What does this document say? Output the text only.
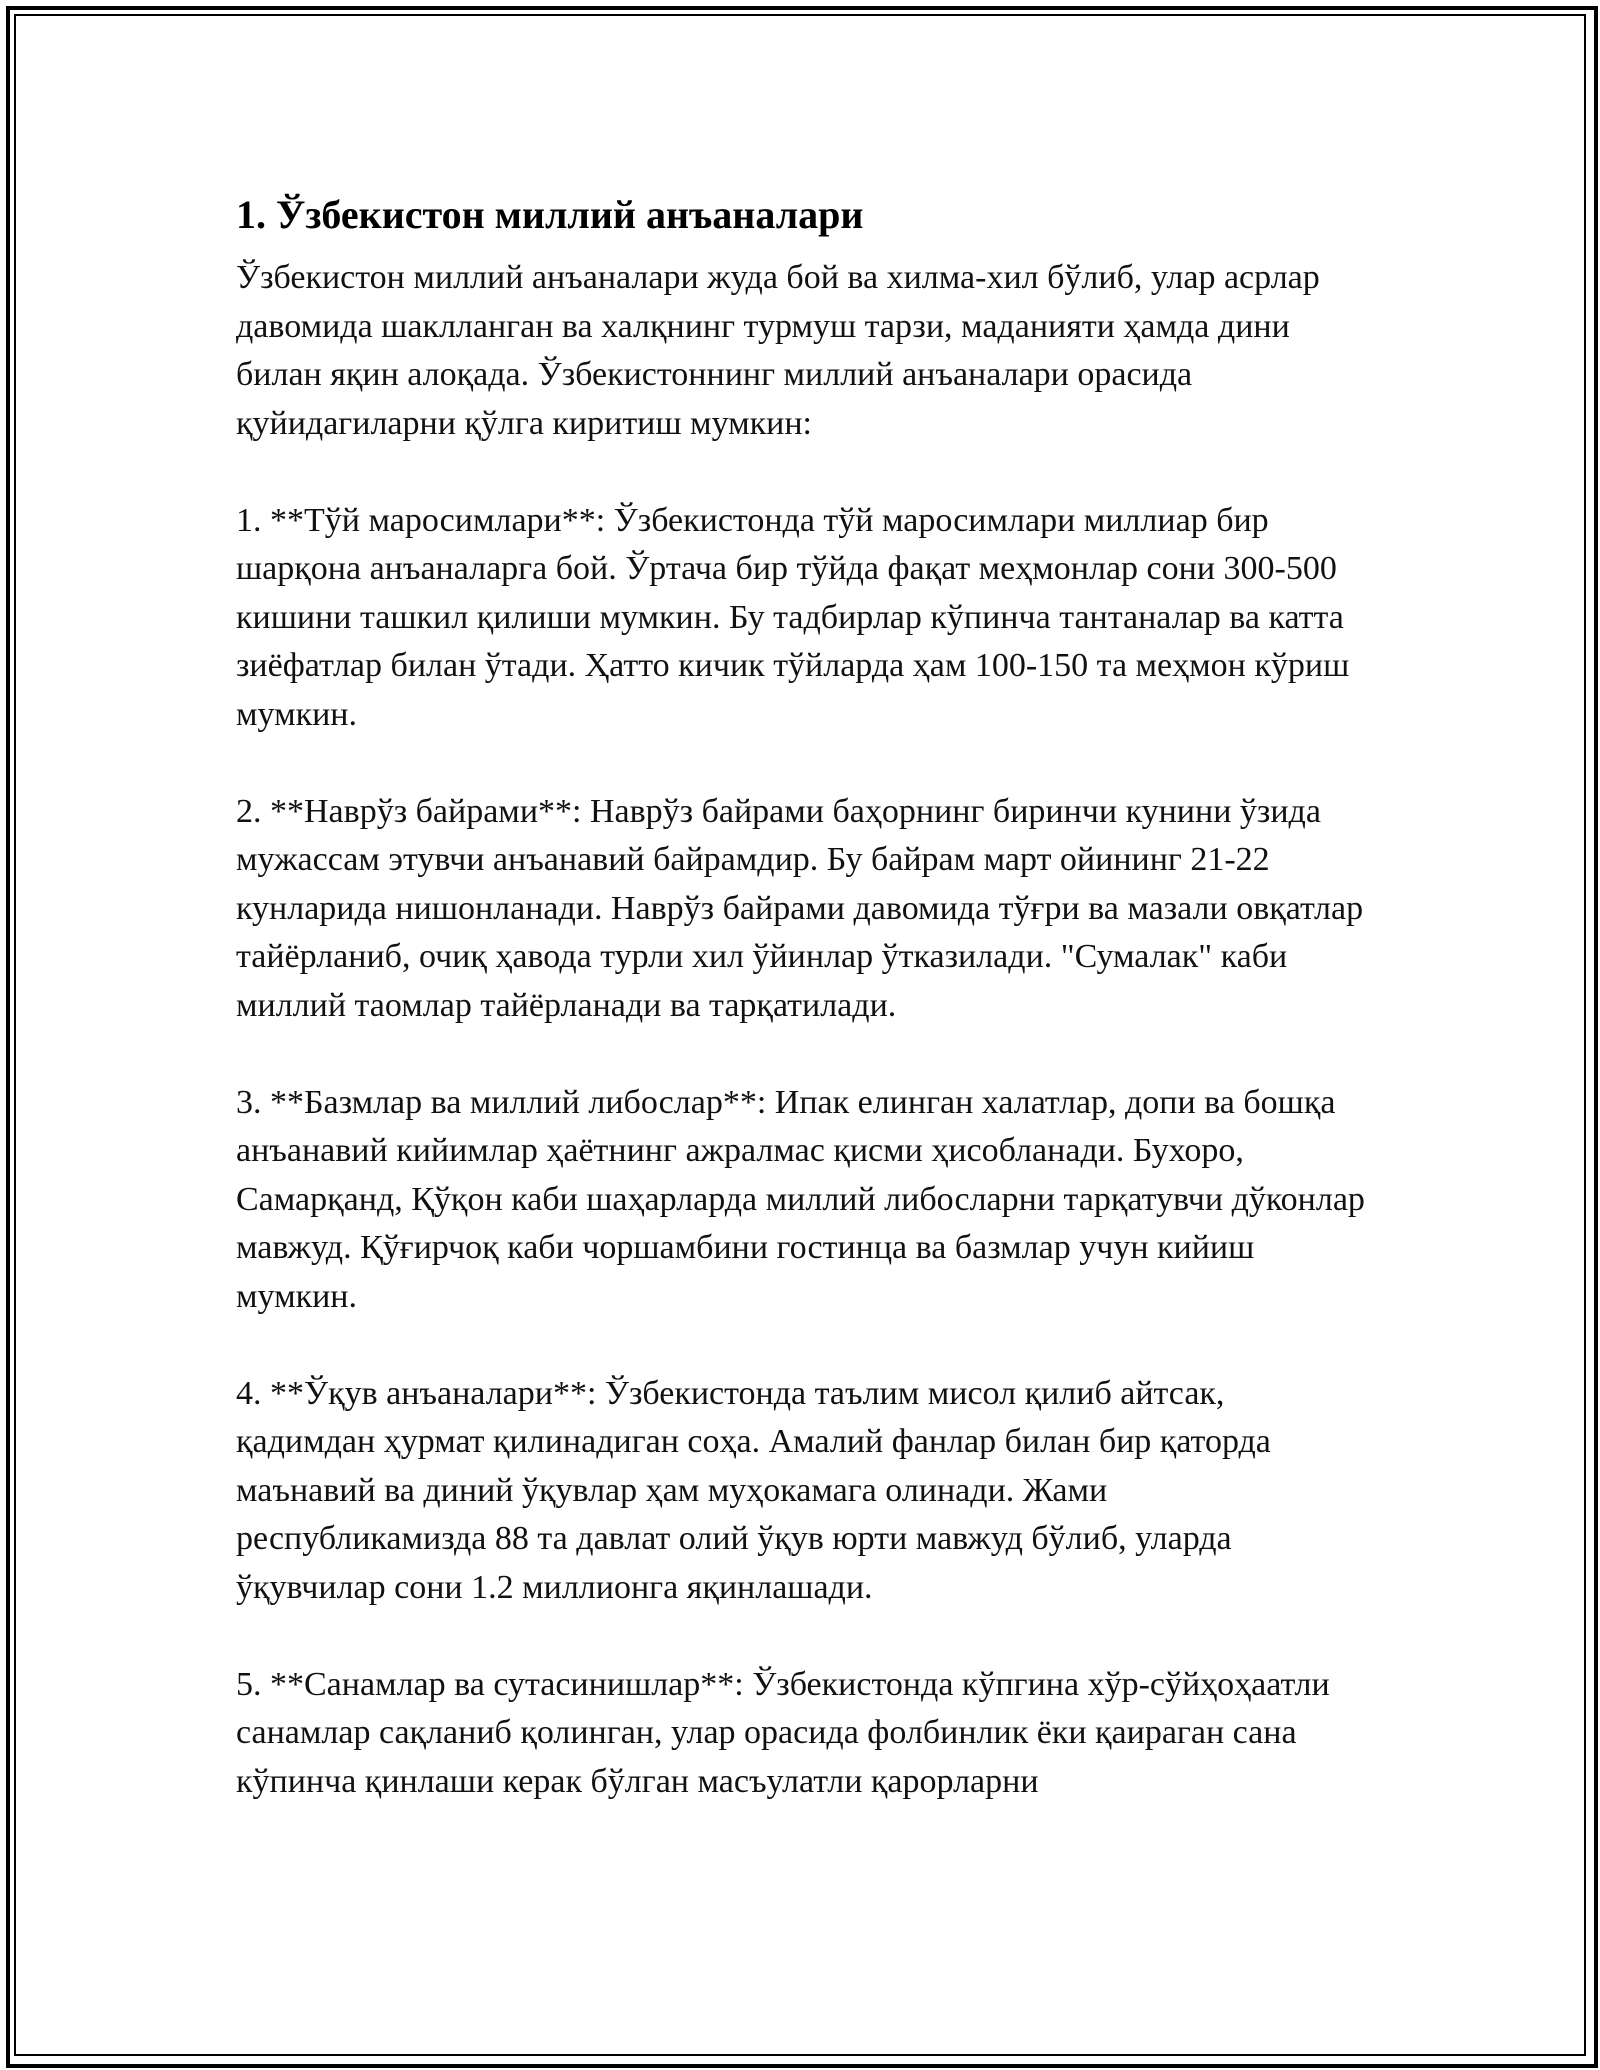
1. Ўзбекистон миллий анъаналари

Ўзбекистон миллий анъаналари жуда бой ва хилма-хил бўлиб, улар асрлар давомида шаклланган ва халқнинг турмуш тарзи, маданияти ҳамда дини билан яқин алоқада. Ўзбекистоннинг миллий анъаналари орасида қуйидагиларни қўлга киритиш мумкин:

1. **Тўй маросимлари**: Ўзбекистонда тўй маросимлари миллиар бир шарқона анъаналарга бой. Ўртача бир тўйда фақат меҳмонлар сони 300-500 кишини ташкил қилиши мумкин. Бу тадбирлар кўпинча тантаналар ва катта зиёфатлар билан ўтади. Ҳатто кичик тўйларда ҳам 100-150 та меҳмон кўриш мумкин.

2. **Наврўз байрами**: Наврўз байрами баҳорнинг биринчи кунини ўзида мужассам этувчи анъанавий байрамдир. Бу байрам март ойининг 21-22 кунларида нишонланади. Наврўз байрами давомида тўғри ва мазали овқатлар тайёрланиб, очиқ ҳавода турли хил ўйинлар ўтказилади. "Сумалак" каби миллий таомлар тайёрланади ва тарқатилади.

3. **Базмлар ва миллий либослар**: Ипак елинган халатлар, допи ва бошқа анъанавий кийимлар ҳаётнинг ажралмас қисми ҳисобланади. Бухоро, Самарқанд, Қўқон каби шаҳарларда миллий либосларни тарқатувчи дўконлар мавжуд. Қўғирчоқ каби чоршамбини гостинца ва базмлар учун кийиш мумкин.

4. **Ўқув анъаналари**: Ўзбекистонда таълим мисол қилиб айтсак, қадимдан ҳурмат қилинадиган соҳа. Амалий фанлар билан бир қаторда маънавий ва диний ўқувлар ҳам муҳокамага олинади. Жами республикамизда 88 та давлат олий ўқув юрти мавжуд бўлиб, уларда ўқувчилар сони 1.2 миллионга яқинлашади.

5. **Санамлар ва сутасинишлар**: Ўзбекистонда кўпгина хўр-сўйҳоҳаатли санамлар сақланиб қолинган, улар орасида фолбинлик ёки қаираган сана кўпинча қинлаши керак бўлган масъулатли қарорларни
